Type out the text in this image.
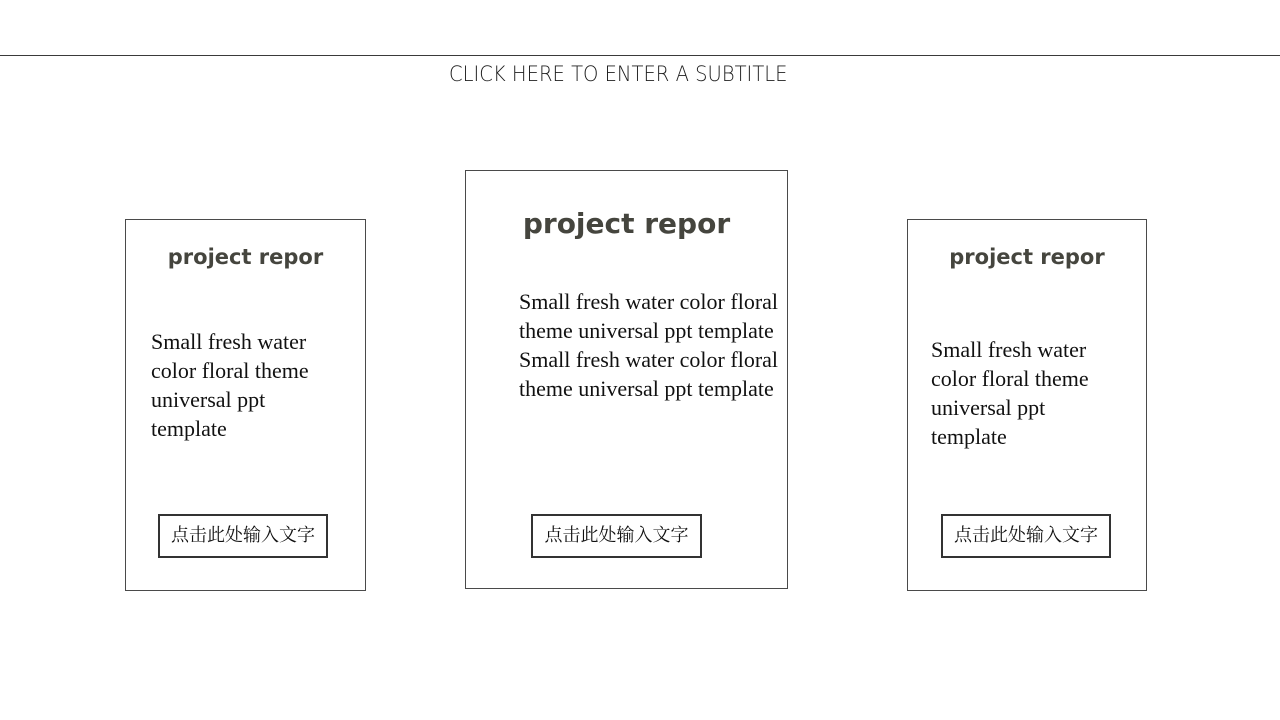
CLICK HERE TO ENTER A SUBTITLE
project repor
Small fresh water color floral theme universal ppt template
点击此处输入文字
project repor
Small fresh water color floral theme universal ppt template
Small fresh water color floral theme universal ppt template
点击此处输入文字
project repor
Small fresh water color floral theme universal ppt template
点击此处输入文字
